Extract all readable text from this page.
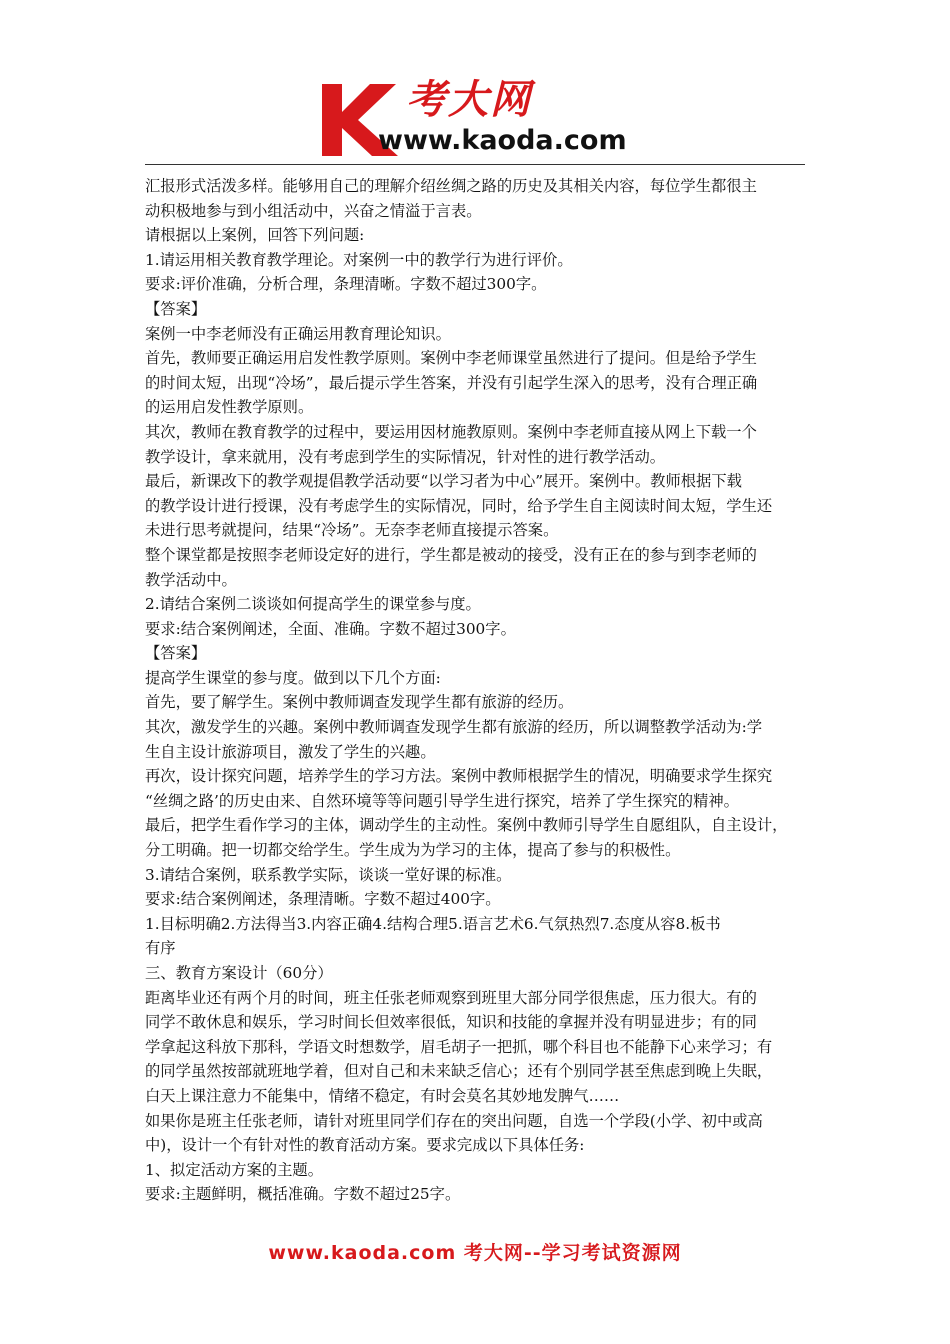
考大网
www.kaoda.com

汇报形式活泼多样。能够用自己的理解介绍丝绸之路的历史及其相关内容，每位学生都很主

动积极地参与到小组活动中，兴奋之情溢于言表。

请根据以上案例，回答下列问题:

1.请运用相关教育教学理论。对案例一中的教学行为进行评价。

要求:评价准确，分析合理，条理清晰。字数不超过300字。

【答案】

案例一中李老师没有正确运用教育理论知识。

首先，教师要正确运用启发性教学原则。案例中李老师课堂虽然进行了提问。但是给予学生

的时间太短，出现“冷场”，最后提示学生答案，并没有引起学生深入的思考，没有合理正确

的运用启发性教学原则。

其次，教师在教育教学的过程中，要运用因材施教原则。案例中李老师直接从网上下载一个

教学设计，拿来就用，没有考虑到学生的实际情况，针对性的进行教学活动。

最后，新课改下的教学观提倡教学活动要“以学习者为中心”展开。案例中。教师根据下载

的教学设计进行授课，没有考虑学生的实际情况，同时，给予学生自主阅读时间太短，学生还

未进行思考就提问，结果“冷场”。无奈李老师直接提示答案。

整个课堂都是按照李老师设定好的进行，学生都是被动的接受，没有正在的参与到李老师的

教学活动中。

2.请结合案例二谈谈如何提高学生的课堂参与度。

要求:结合案例阐述，全面、准确。字数不超过300字。

【答案】

提高学生课堂的参与度。做到以下几个方面:

首先，要了解学生。案例中教师调查发现学生都有旅游的经历。

其次，激发学生的兴趣。案例中教师调查发现学生都有旅游的经历，所以调整教学活动为:学

生自主设计旅游项目，激发了学生的兴趣。

再次，设计探究问题，培养学生的学习方法。案例中教师根据学生的情况，明确要求学生探究

“丝绸之路’的历史由来、自然环境等等问题引导学生进行探究，培养了学生探究的精神。

最后，把学生看作学习的主体，调动学生的主动性。案例中教师引导学生自愿组队，自主设计，

分工明确。把一切都交给学生。学生成为为学习的主体，提高了参与的积极性。

3.请结合案例，联系教学实际，谈谈一堂好课的标准。

要求:结合案例阐述，条理清晰。字数不超过400字。

1.目标明确2.方法得当3.内容正确4.结构合理5.语言艺术6.气氛热烈7.态度从容8.板书

有序

三、教育方案设计（60分）

距离毕业还有两个月的时间，班主任张老师观察到班里大部分同学很焦虑，压力很大。有的

同学不敢休息和娱乐，学习时间长但效率很低，知识和技能的拿握并没有明显进步；有的同

学拿起这科放下那科，学语文时想数学，眉毛胡子一把抓，哪个科目也不能静下心来学习；有

的同学虽然按部就班地学着，但对自己和未来缺乏信心；还有个别同学甚至焦虑到晚上失眠，

白天上课注意力不能集中，情绪不稳定，有时会莫名其妙地发脾气……

如果你是班主任张老师，请针对班里同学们存在的突出问题，自选一个学段(小学、初中或高

中)，设计一个有针对性的教育活动方案。要求完成以下具体任务:

1、拟定活动方案的主题。

要求:主题鲜明，概括准确。字数不超过25字。

www.kaoda.com 考大网--学习考试资源网
